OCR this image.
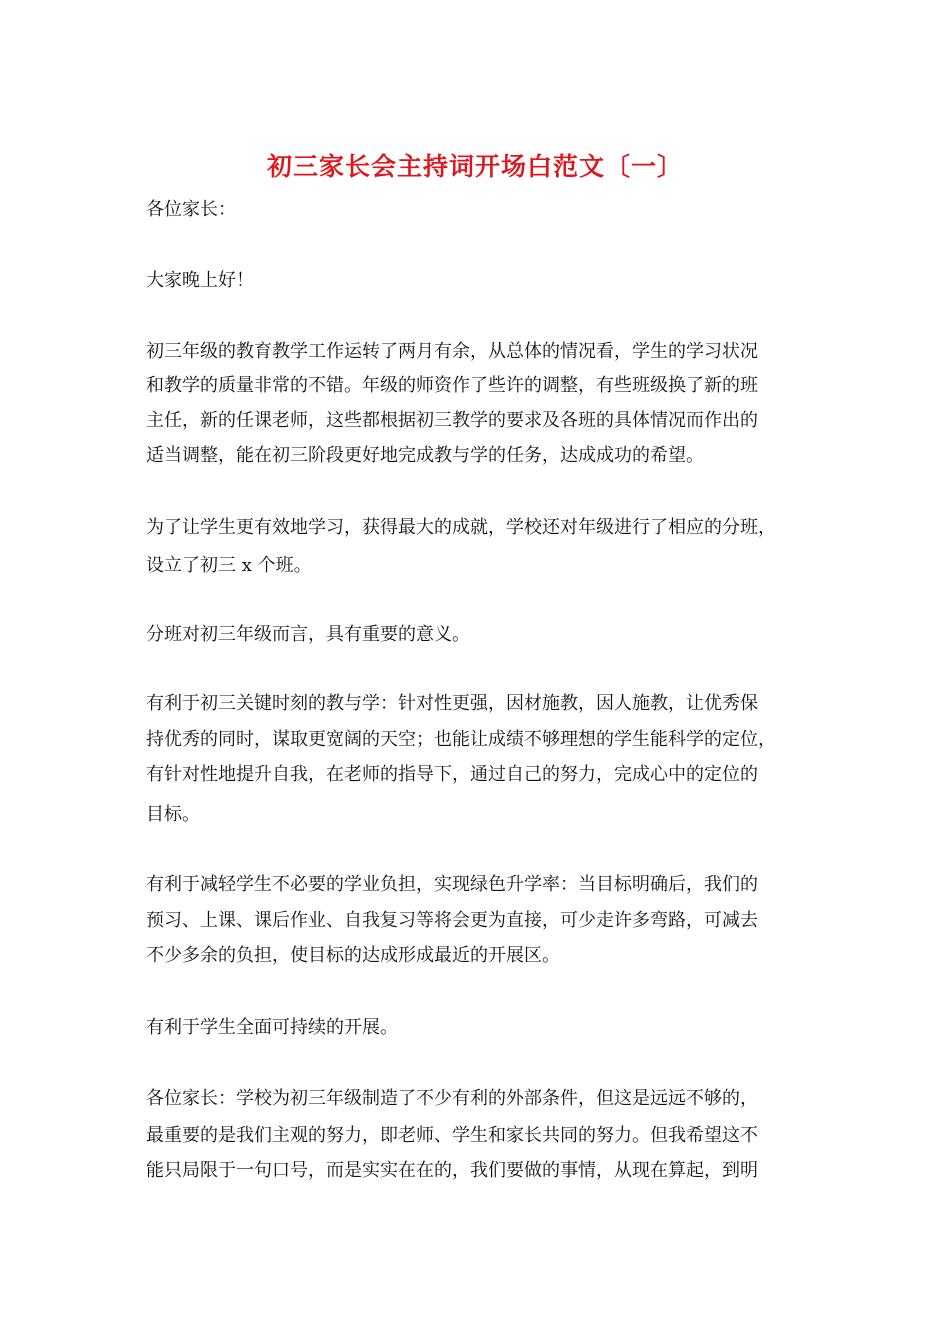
初三家长会主持词开场白范文〔一〕
各位家长：
大家晚上好！
初三年级的教育教学工作运转了两月有余，从总体的情况看，学生的学习状况
和教学的质量非常的不错。年级的师资作了些许的调整，有些班级换了新的班
主任，新的任课老师，这些都根据初三教学的要求及各班的具体情况而作出的
适当调整，能在初三阶段更好地完成教与学的任务，达成成功的希望。
为了让学生更有效地学习，获得最大的成就，学校还对年级进行了相应的分班，
设立了初三 x 个班。
分班对初三年级而言，具有重要的意义。
有利于初三关键时刻的教与学：针对性更强，因材施教，因人施教，让优秀保
持优秀的同时，谋取更宽阔的天空；也能让成绩不够理想的学生能科学的定位，
有针对性地提升自我，在老师的指导下，通过自己的努力，完成心中的定位的
目标。
有利于减轻学生不必要的学业负担，实现绿色升学率：当目标明确后，我们的
预习、上课、课后作业、自我复习等将会更为直接，可少走许多弯路，可减去
不少多余的负担，使目标的达成形成最近的开展区。
有利于学生全面可持续的开展。
各位家长：学校为初三年级制造了不少有利的外部条件，但这是远远不够的，
最重要的是我们主观的努力，即老师、学生和家长共同的努力。但我希望这不
能只局限于一句口号，而是实实在在的，我们要做的事情，从现在算起，到明
